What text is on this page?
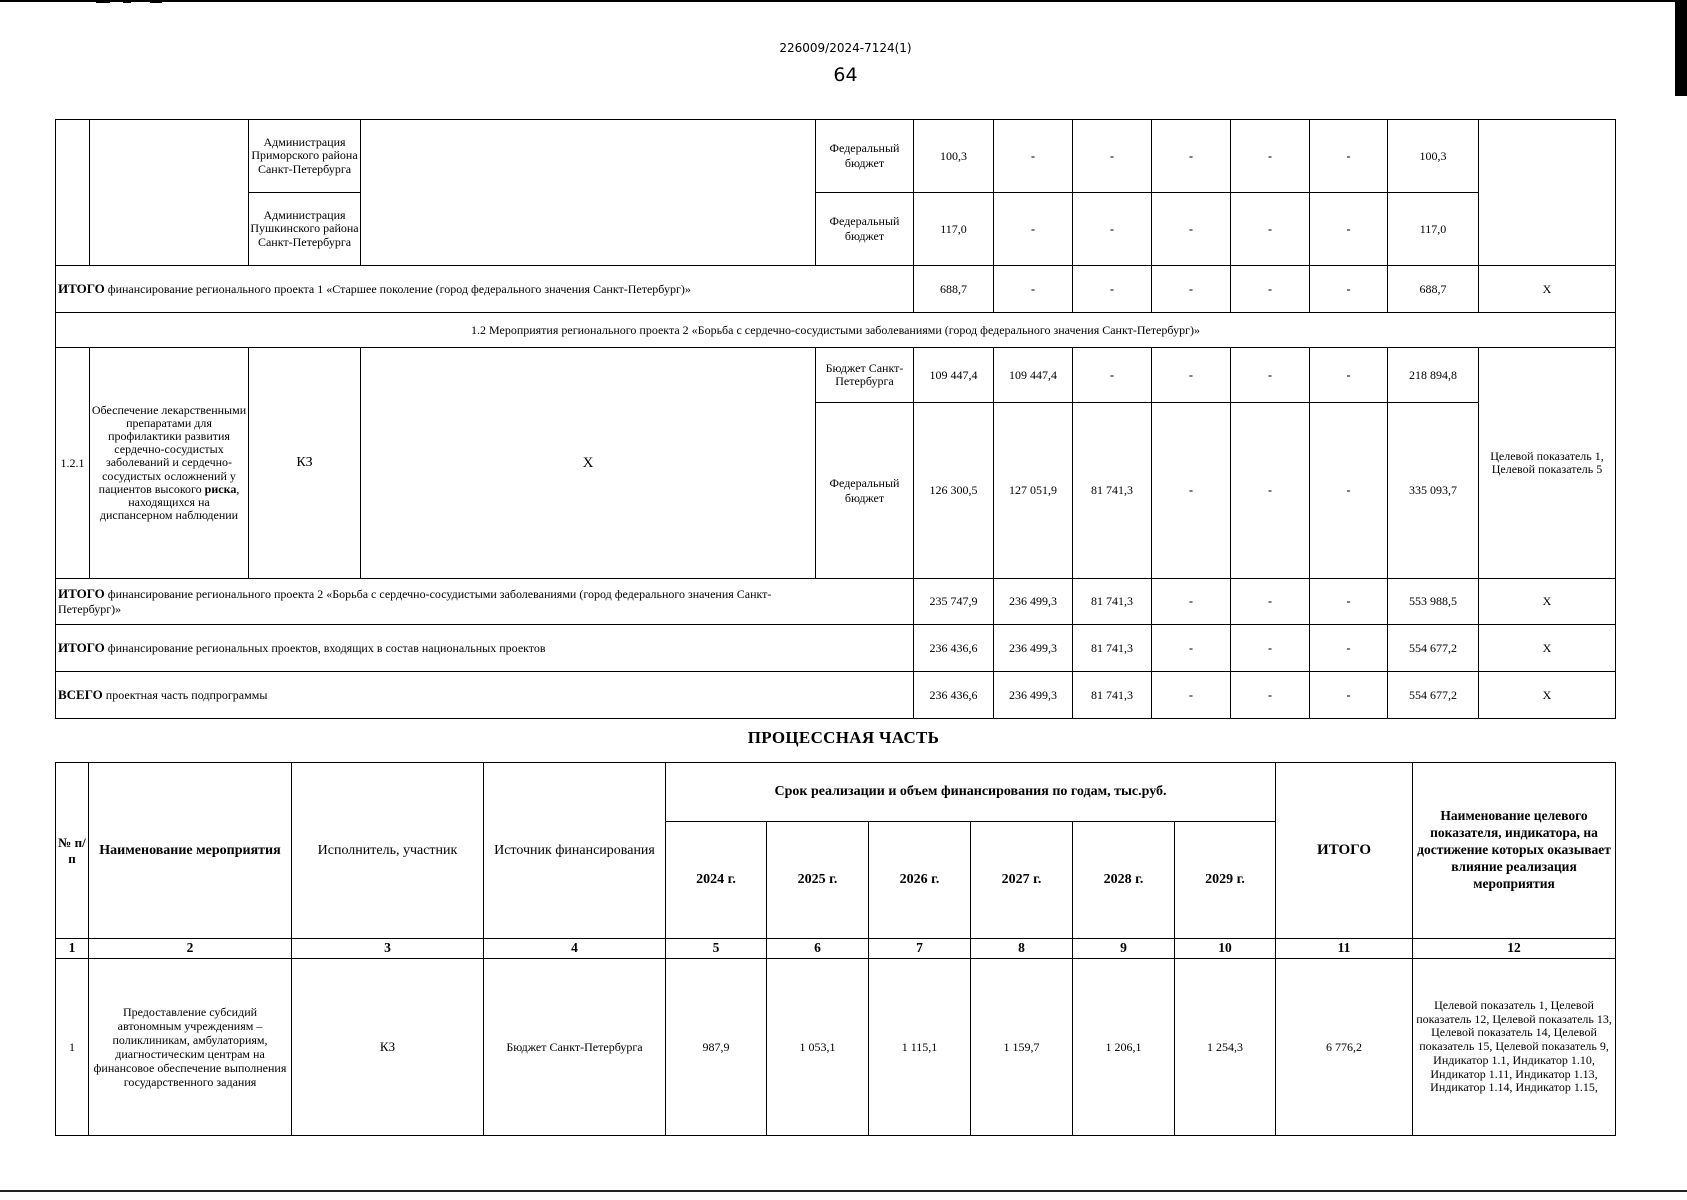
226009/2024-7124(1)
64
		Администрация Приморского района Санкт-Петербурга		Федеральный бюджет	100,3	-	-	-	-	-	100,3	
		Администрация Пушкинского района Санкт-Петербурга		Федеральный бюджет	117,0	-	-	-	-	-	117,0	
ИТОГО финансирование регионального проекта 1 «Старшее поколение (город федерального значения Санкт-Петербург)»					688,7	-	-	-	-	-	688,7	X
1.2 Мероприятия регионального проекта 2 «Борьба с сердечно-сосудистыми заболеваниями (город федерального значения Санкт-Петербург)»												
1.2.1	Обеспечение лекарственными препаратами для профилактики развития сердечно-сосудистых заболеваний и сердечно-сосудистых осложнений у пациентов высокого риска, находящихся на диспансерном наблюдении	КЗ	X	Бюджет Санкт-Петербурга	109 447,4	109 447,4	-	-	-	-	218 894,8	Целевой показатель 1, Целевой показатель 5
				Федеральный бюджет	126 300,5	127 051,9	81 741,3	-	-	-	335 093,7	
ИТОГО финансирование регионального проекта 2 «Борьба с сердечно-сосудистыми заболеваниями (город федерального значения Санкт-Петербург)»					235 747,9	236 499,3	81 741,3	-	-	-	553 988,5	X
ИТОГО финансирование региональных проектов, входящих в состав национальных проектов					236 436,6	236 499,3	81 741,3	-	-	-	554 677,2	X
ВСЕГО проектная часть подпрограммы					236 436,6	236 499,3	81 741,3	-	-	-	554 677,2	X
ПРОЦЕССНАЯ ЧАСТЬ
№ п/п	Наименование мероприятия	Исполнитель, участник	Источник финансирования	Срок реализации и объем финансирования по годам, тыс.руб.						ИТОГО	Наименование целевого показателя, индикатора, на достижение которых оказывает влияние реализация мероприятия
				2024 г.	2025 г.	2026 г.	2027 г.	2028 г.	2029 г.		
1	2	3	4	5	6	7	8	9	10	11	12
1	Предоставление субсидий автономным учреждениям – поликлиникам, амбулаториям, диагностическим центрам на финансовое обеспечение выполнения государственного задания	КЗ	Бюджет Санкт-Петербурга	987,9	1 053,1	1 115,1	1 159,7	1 206,1	1 254,3	6 776,2	Целевой показатель 1, Целевой показатель 12, Целевой показатель 13, Целевой показатель 14, Целевой показатель 15, Целевой показатель 9, Индикатор 1.1, Индикатор 1.10, Индикатор 1.11, Индикатор 1.13, Индикатор 1.14, Индикатор 1.15,
